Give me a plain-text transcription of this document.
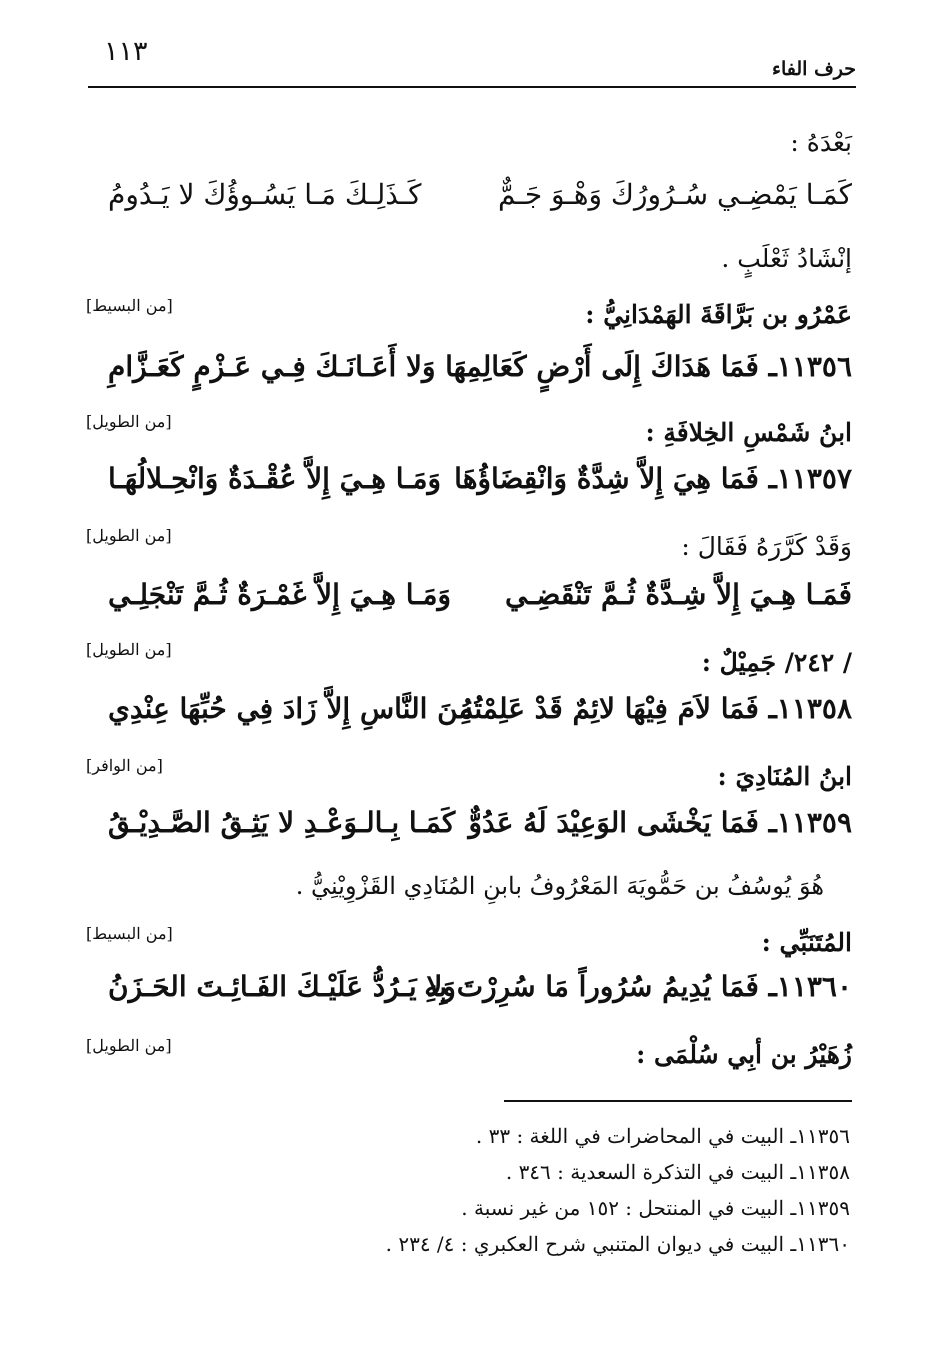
١١٣
حرف الفاء
بَعْدَهُ :
كَمَـا يَمْضِـي سُـرُورُكَ وَهْـوَ جَـمٌّ
كَـذَلِـكَ مَـا يَسُـوؤُكَ لا يَـدُومُ
إنْشَادُ ثَعْلَبٍ .
عَمْرُو بن بَرَّاقَةَ الهَمْدَانِيُّ :
[من البسيط]
١١٣٥٦ـ فَمَا هَدَاكَ إِلَى أَرْضٍ كَعَالِمِهَا
وَلا أَعَـانَـكَ فِـي عَـزْمٍ كَعَـزَّامِ
ابنُ شَمْسِ الخِلافَةِ :
[من الطويل]
١١٣٥٧ـ فَمَا هِيَ إِلاَّ شِدَّةٌ وَانْقِضَاؤُهَا
وَمَـا هِـيَ إِلاَّ عُقْـدَةٌ وَانْحِـلالُهَـا
وَقَدْ كَرَّرَهُ فَقَالَ :
[من الطويل]
فَمَـا هِـيَ إِلاَّ شِـدَّةٌ ثُـمَّ تَنْقَضِـي
وَمَـا هِـيَ إِلاَّ غَمْـرَةٌ ثُـمَّ تَنْجَلِـي
/ ٢٤٢/ جَمِيْلٌ :
[من الطويل]
١١٣٥٨ـ فَمَا لاَمَ فِيْهَا لائِمٌ قَدْ عَلِمْتُهُ
مِنَ النَّاسِ إِلاَّ زَادَ فِي حُبِّهَا عِنْدِي
ابنُ المُنَادِيَ :
[من الوافر]
١١٣٥٩ـ فَمَا يَخْشَى الوَعِيْدَ لَهُ عَدُوٌّ
كَمَـا بِـالـوَعْـدِ لا يَثِـقُ الصَّـدِيْـقُ
هُوَ يُوسُفُ بن حَمُّويَهَ المَعْرُوفُ بابنِ المُنَادِي القَزْوِيْنِيُّ .
المُتَنَبِّي :
[من البسيط]
١١٣٦٠ـ فَمَا يُدِيمُ سُرُوراً مَا سُرِرْتَ بِهِ
وَلا يَـرُدُّ عَلَيْـكَ الفَـائِـتَ الحَـزَنُ
زُهَيْرُ بن أبِي سُلْمَى :
[من الطويل]
١١٣٥٦ـ البيت في المحاضرات في اللغة : ٣٣ .
١١٣٥٨ـ البيت في التذكرة السعدية : ٣٤٦ .
١١٣٥٩ـ البيت في المنتحل : ١٥٢ من غير نسبة .
١١٣٦٠ـ البيت في ديوان المتنبي شرح العكبري : ٤/ ٢٣٤ .
